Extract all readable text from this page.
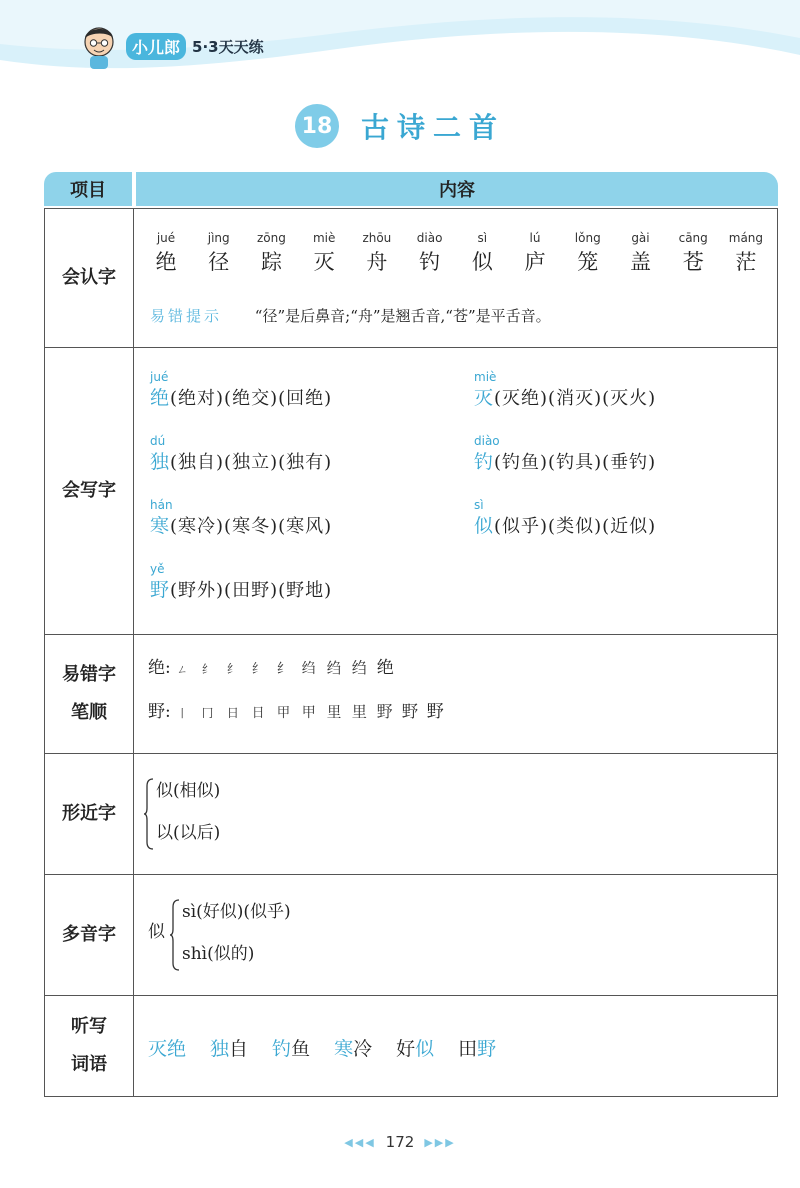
小儿郎 5·3天天练
18 古诗二首
项目	内容
会认字
jué
绝
jìng
径
zōng
踪
miè
灭
zhōu
舟
diào
钓
sì
似
lú
庐
lǒng
笼
gài
盖
cāng
苍
máng
茫
易错提示 “径”是后鼻音;“舟”是翘舌音,“苍”是平舌音。
会写字
jué
绝(绝对)(绝交)(回绝)
miè
灭(灭绝)(消灭)(灭火)
dú
独(独自)(独立)(独有)
diào
钓(钓鱼)(钓具)(垂钓)
hán
寒(寒冷)(寒冬)(寒风)
sì
似(似乎)(类似)(近似)
yě
野(野外)(田野)(野地)
易错字
笔顺
绝: ㄥ 纟 纟 纟 纟 绉 绉 绉 绝
野: 丨 冂 日 日 甲 甲 里 里 野 野 野
形近字
似(相似)
以(以后)
多音字	似
sì(好似)(似乎)
shì(似的)
听写
词语
灭绝 独自 钓鱼 寒冷 好似 田野
◀◀◀ 172 ▶▶▶
